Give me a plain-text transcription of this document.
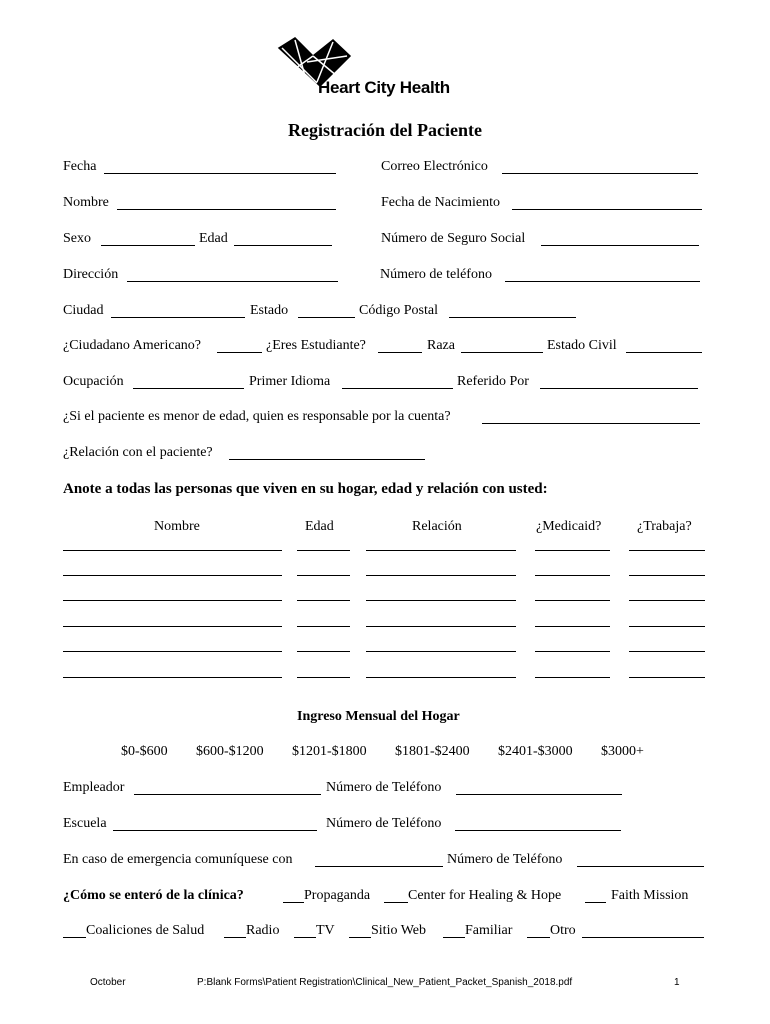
Heart City Health
Registración del Paciente
Fecha	Correo Electrónico
Nombre	Fecha de Nacimiento
Sexo	Edad	Número de Seguro Social
Dirección	Número de teléfono
Ciudad	Estado	Código Postal
¿Ciudadano Americano?	¿Eres Estudiante?	Raza	Estado Civil
Ocupación	Primer Idioma	Referido Por
¿Si el paciente es menor de edad, quien es responsable por la cuenta?
¿Relación con el paciente?
Anote a todas las personas que viven en su hogar, edad y relación con usted:
Nombre	Edad	Relación	¿Medicaid?	¿Trabaja?
Ingreso Mensual del Hogar
$0-$600 $600-$1200 $1201-$1800 $1801-$2400 $2401-$3000 $3000+
Empleador	Número de Teléfono
Escuela	Número de Teléfono
En caso de emergencia comuníquese con	Número de Teléfono
¿Cómo se enteró de la clínica?	Propaganda	Center for Healing & Hope	Faith Mission
Coaliciones de Salud	Radio	TV	Sitio Web	Familiar	Otro
October	P:Blank Forms\Patient Registration\Clinical_New_Patient_Packet_Spanish_2018.pdf	1
